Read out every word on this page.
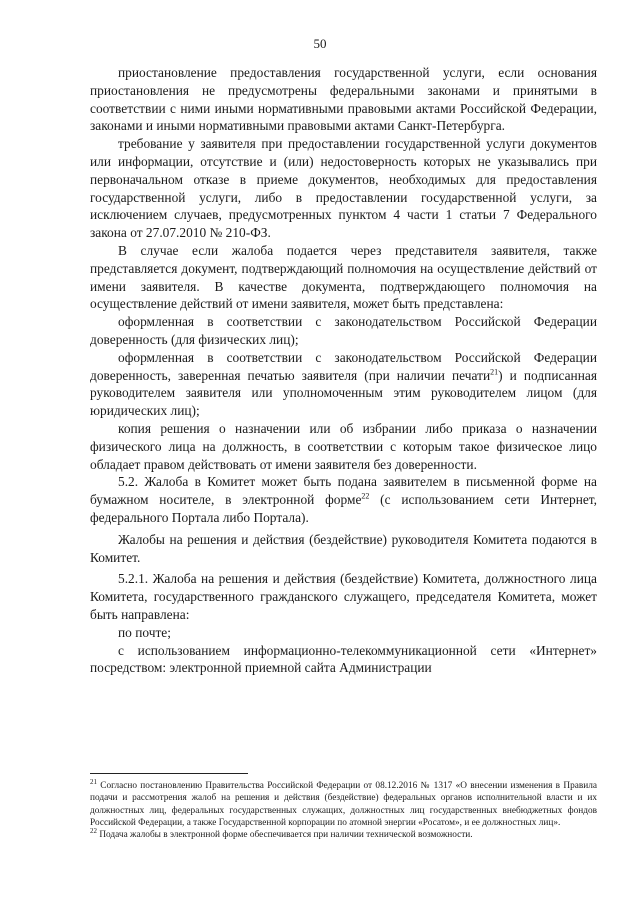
50

приостановление предоставления государственной услуги, если основания приостановления не предусмотрены федеральными законами и принятыми в соответствии с ними иными нормативными правовыми актами Российской Федерации, законами и иными нормативными правовыми актами Санкт-Петербурга.

требование у заявителя при предоставлении государственной услуги документов или информации, отсутствие и (или) недостоверность которых не указывались при первоначальном отказе в приеме документов, необходимых для предоставления государственной услуги, либо в предоставлении государственной услуги, за исключением случаев, предусмотренных пунктом 4 части 1 статьи 7 Федерального закона от 27.07.2010 № 210-ФЗ.

В случае если жалоба подается через представителя заявителя, также представляется документ, подтверждающий полномочия на осуществление действий от имени заявителя. В качестве документа, подтверждающего полномочия на осуществление действий от имени заявителя, может быть представлена:

оформленная в соответствии с законодательством Российской Федерации доверенность (для физических лиц);

оформленная в соответствии с законодательством Российской Федерации доверенность, заверенная печатью заявителя (при наличии печати$^{21}$) и подписанная руководителем заявителя или уполномоченным этим руководителем лицом (для юридических лиц);

копия решения о назначении или об избрании либо приказа о назначении физического лица на должность, в соответствии с которым такое физическое лицо обладает правом действовать от имени заявителя без доверенности.

5.2. Жалоба в Комитет может быть подана заявителем в письменной форме на бумажном носителе, в электронной форме$^{22}$ (с использованием сети Интернет, федерального Портала либо Портала).

Жалобы на решения и действия (бездействие) руководителя Комитета подаются в Комитет.

5.2.1. Жалоба на решения и действия (бездействие) Комитета, должностного лица Комитета, государственного гражданского служащего, председателя Комитета, может быть направлена:

по почте;

с использованием информационно-телекоммуникационной сети «Интернет» посредством: электронной приемной сайта Администрации

$^{21}$ Согласно постановлению Правительства Российской Федерации от 08.12.2016 № 1317 «О внесении изменения в Правила подачи и рассмотрения жалоб на решения и действия (бездействие) федеральных органов исполнительной власти и их должностных лиц, федеральных государственных служащих, должностных лиц государственных внебюджетных фондов Российской Федерации, а также Государственной корпорации по атомной энергии «Росатом», и ее должностных лиц».

$^{22}$ Подача жалобы в электронной форме обеспечивается при наличии технической возможности.
